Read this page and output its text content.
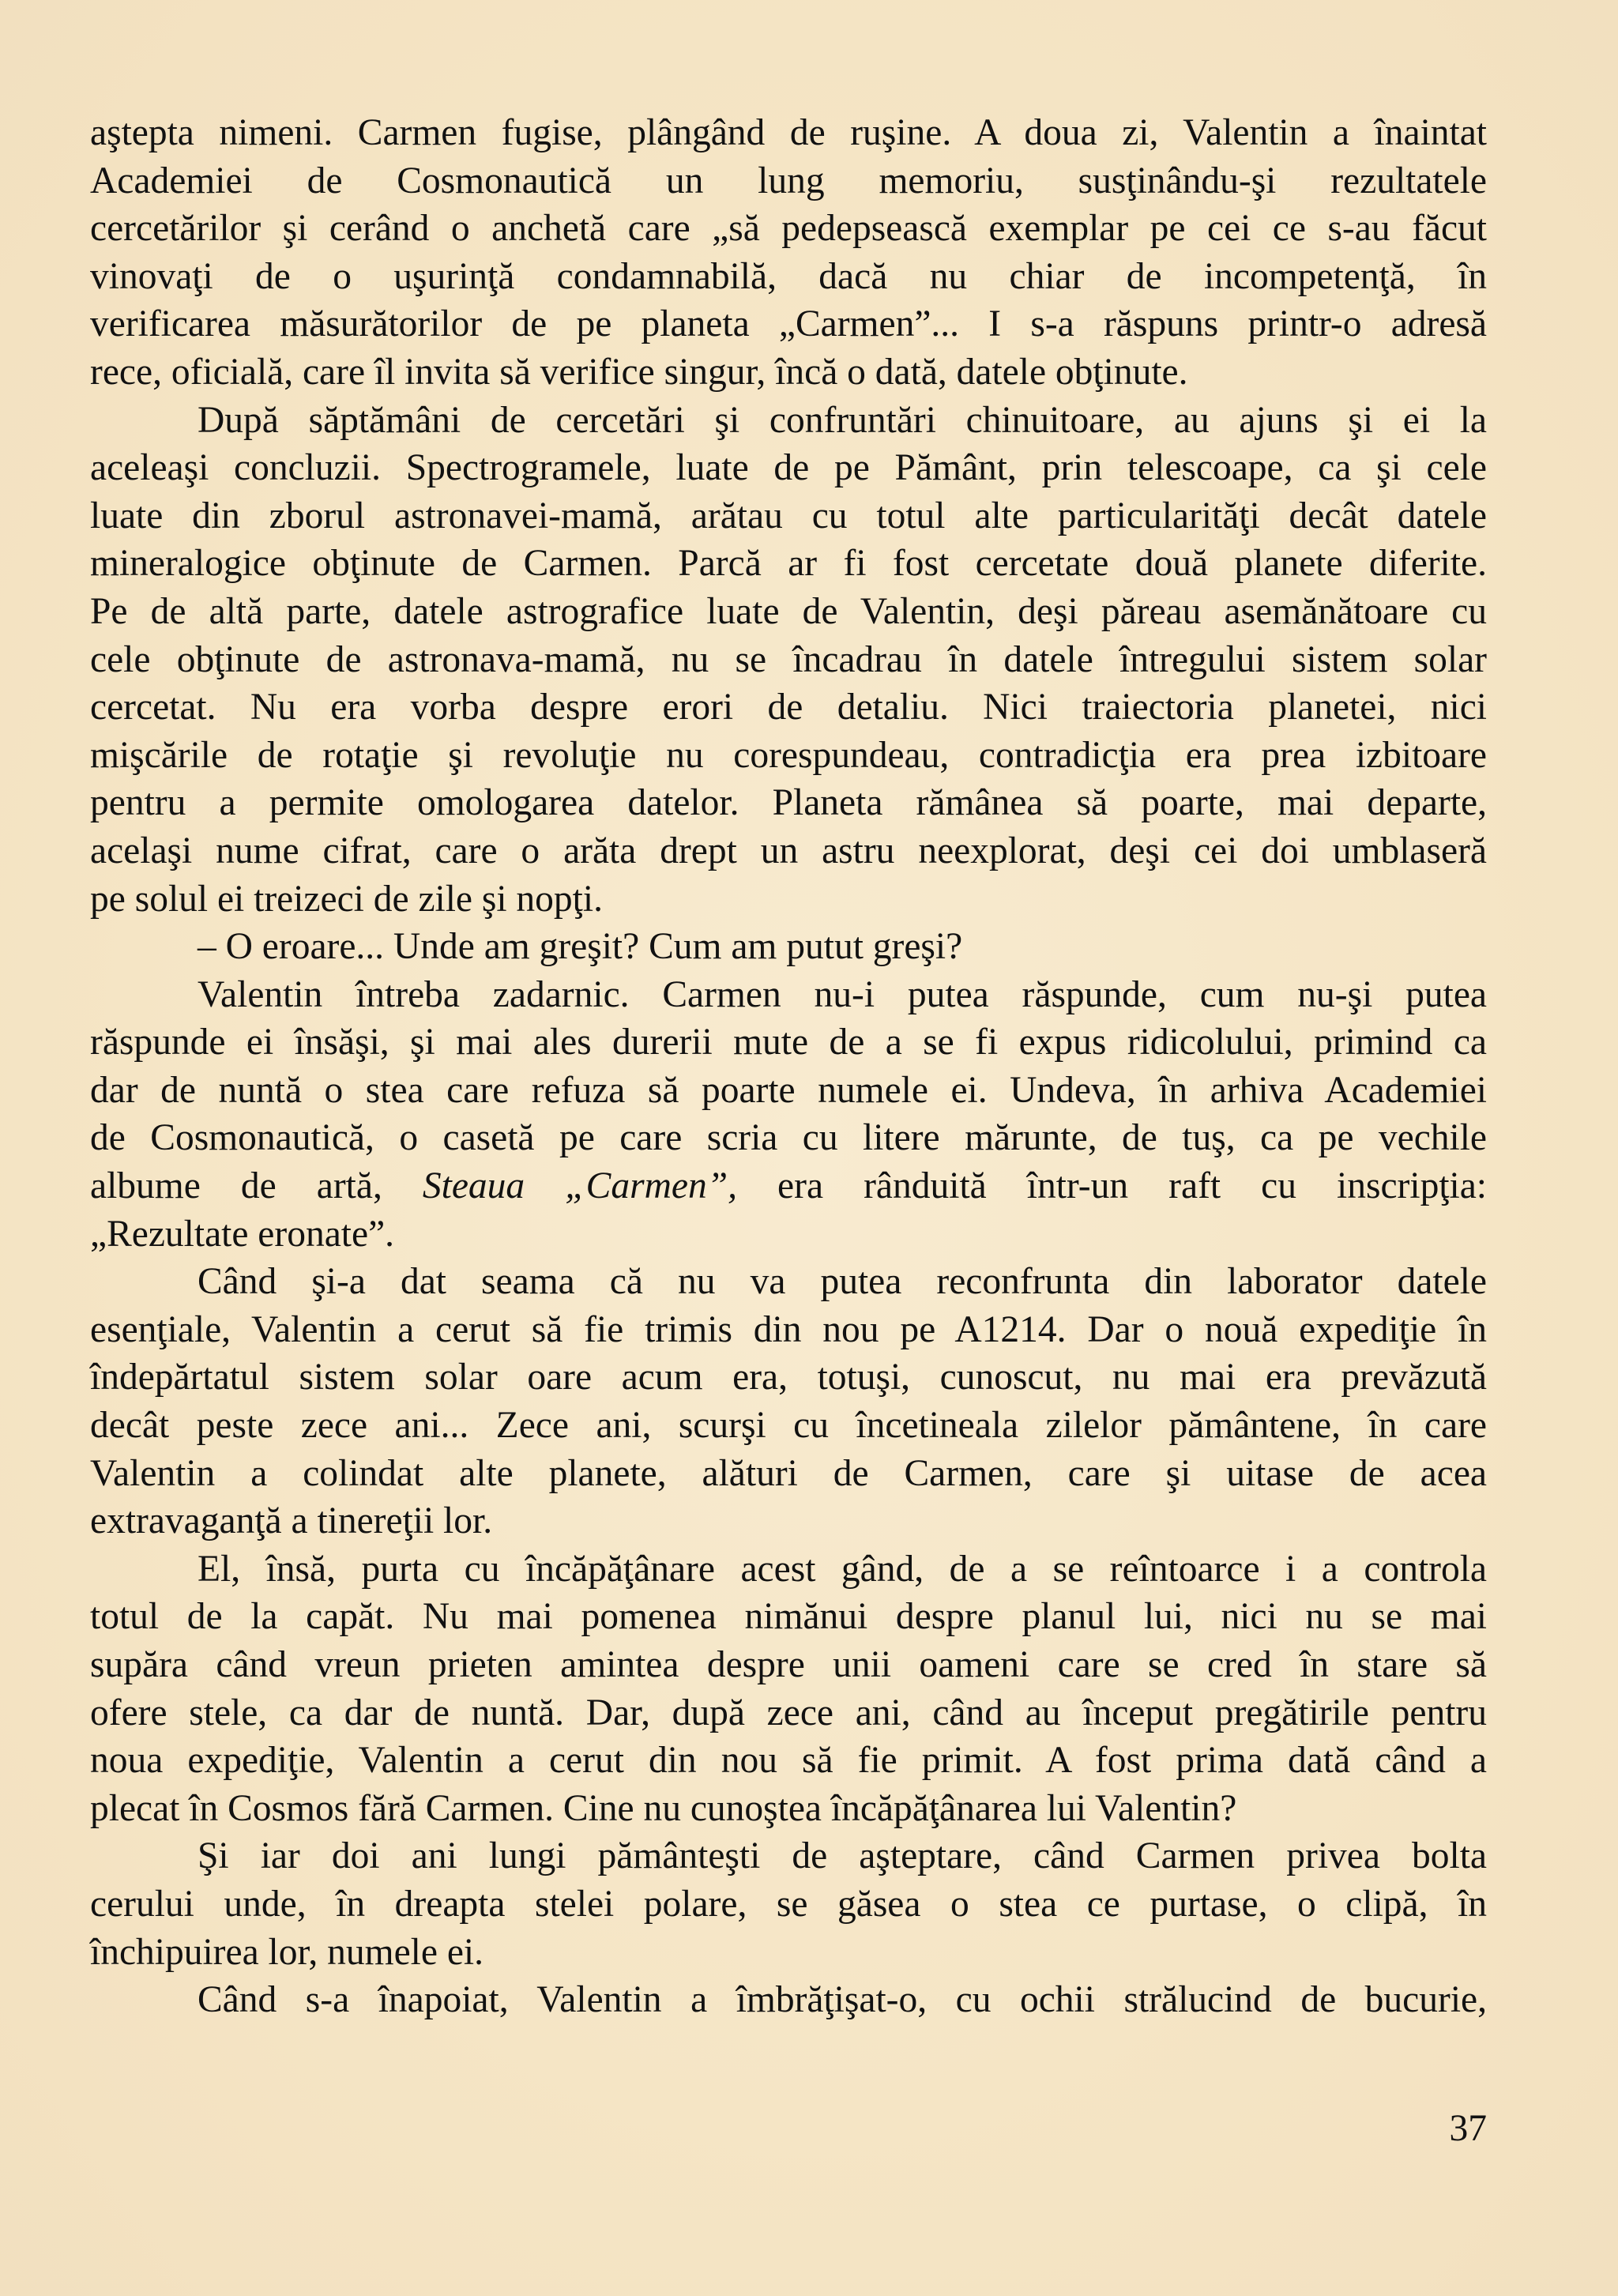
aştepta nimeni. Carmen fugise, plângând de ruşine. A doua zi, Valentin a înaintat
Academiei de Cosmonautică un lung memoriu, susţinându-şi rezultatele
cercetărilor şi cerând o anchetă care „să pedepsească exemplar pe cei ce s-au făcut
vinovaţi de o uşurinţă condamnabilă, dacă nu chiar de incompetenţă, în
verificarea măsurătorilor de pe planeta „Carmen”... I s-a răspuns printr-o adresă
rece, oficială, care îl invita să verifice singur, încă o dată, datele obţinute.
După săptămâni de cercetări şi confruntări chinuitoare, au ajuns şi ei la
aceleaşi concluzii. Spectrogramele, luate de pe Pământ, prin telescoape, ca şi cele
luate din zborul astronavei-mamă, arătau cu totul alte particularităţi decât datele
mineralogice obţinute de Carmen. Parcă ar fi fost cercetate două planete diferite.
Pe de altă parte, datele astrografice luate de Valentin, deşi păreau asemănătoare cu
cele obţinute de astronava-mamă, nu se încadrau în datele întregului sistem solar
cercetat. Nu era vorba despre erori de detaliu. Nici traiectoria planetei, nici
mişcările de rotaţie şi revoluţie nu corespundeau, contradicţia era prea izbitoare
pentru a permite omologarea datelor. Planeta rămânea să poarte, mai departe,
acelaşi nume cifrat, care o arăta drept un astru neexplorat, deşi cei doi umblaseră
pe solul ei treizeci de zile şi nopţi.
– O eroare... Unde am greşit? Cum am putut greşi?
Valentin întreba zadarnic. Carmen nu-i putea răspunde, cum nu-şi putea
răspunde ei însăşi, şi mai ales durerii mute de a se fi expus ridicolului, primind ca
dar de nuntă o stea care refuza să poarte numele ei. Undeva, în arhiva Academiei
de Cosmonautică, o casetă pe care scria cu litere mărunte, de tuş, ca pe vechile
albume de artă, Steaua „Carmen”, era rânduită într-un raft cu inscripţia:
„Rezultate eronate”.
Când şi-a dat seama că nu va putea reconfrunta din laborator datele
esenţiale, Valentin a cerut să fie trimis din nou pe A1214. Dar o nouă expediţie în
îndepărtatul sistem solar oare acum era, totuşi, cunoscut, nu mai era prevăzută
decât peste zece ani... Zece ani, scurşi cu încetineala zilelor pământene, în care
Valentin a colindat alte planete, alături de Carmen, care şi uitase de acea
extravaganţă a tinereţii lor.
El, însă, purta cu încăpăţânare acest gând, de a se reîntoarce i a controla
totul de la capăt. Nu mai pomenea nimănui despre planul lui, nici nu se mai
supăra când vreun prieten amintea despre unii oameni care se cred în stare să
ofere stele, ca dar de nuntă. Dar, după zece ani, când au început pregătirile pentru
noua expediţie, Valentin a cerut din nou să fie primit. A fost prima dată când a
plecat în Cosmos fără Carmen. Cine nu cunoştea încăpăţânarea lui Valentin?
Şi iar doi ani lungi pământeşti de aşteptare, când Carmen privea bolta
cerului unde, în dreapta stelei polare, se găsea o stea ce purtase, o clipă, în
închipuirea lor, numele ei.
Când s-a înapoiat, Valentin a îmbrăţişat-o, cu ochii strălucind de bucurie,
37
